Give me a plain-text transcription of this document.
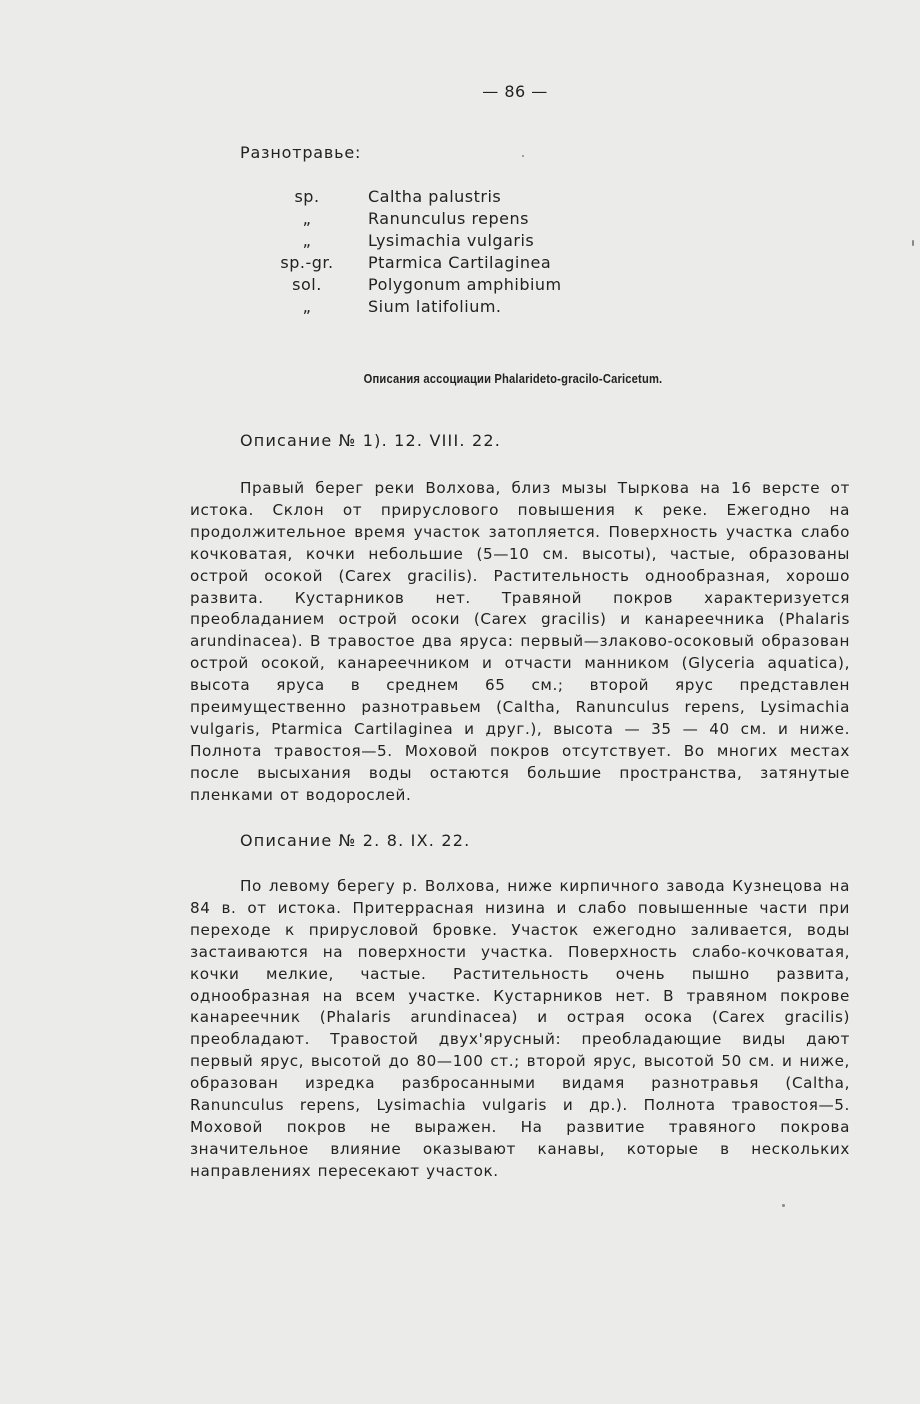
— 86 —
Разнотравье:
sp.	Caltha palustris
„	Ranunculus repens
„	Lysimachia vulgaris
sp.-gr.	Ptarmica Cartilaginea
sol.	Polygonum amphibium
„	Sium latifolium.
Описания ассоциации Phalarideto-gracilo-Caricetum.
Описание № 1). 12. VIII. 22.
Правый берег реки Волхова, близ мызы Тыркова на 16 версте от истока. Склон от прируслового повышения к реке. Ежегодно на продолжительное время участок затопляется. Поверхность участка слабо кочковатая, кочки небольшие (5—10 см. высоты), частые, образованы острой осокой (Carex gracilis). Растительность однообразная, хорошо развита. Кустарников нет. Травяной покров характеризуется преобладанием острой осоки (Carex gracilis) и канареечника (Phalaris arundinacea). В травостое два яруса: первый—злаково-осоковый образован острой осокой, канареечником и отчасти манником (Glyceria aquatica), высота яруса в среднем 65 см.; второй ярус представлен преимущественно разнотравьем (Caltha, Ranunculus repens, Lysimachia vulgaris, Ptarmica Cartilaginea и друг.), высота — 35 — 40 см. и ниже. Полнота травостоя—5. Моховой покров отсутствует. Во многих местах после высыхания воды остаются большие пространства, затянутые пленками от водорослей.
Описание № 2. 8. IX. 22.
По левому берегу р. Волхова, ниже кирпичного завода Кузнецова на 84 в. от истока. Притеррасная низина и слабо повышенные части при переходе к прирусловой бровке. Участок ежегодно заливается, воды застаиваются на поверхности участка. Поверхность слабо-кочковатая, кочки мелкие, частые. Растительность очень пышно развита, однообразная на всем участке. Кустарников нет. В травяном покрове канареечник (Phalaris arundinacea) и острая осока (Carex gracilis) преобладают. Травостой двух'ярусный: преобладающие виды дают первый ярус, высотой до 80—100 ст.; второй ярус, высотой 50 см. и ниже, образован изредка разбросанными видамя разнотравья (Caltha, Ranunculus repens, Lysimachia vulgaris и др.). Полнота травостоя—5. Моховой покров не выражен. На развитие травяного покрова значительное влияние оказывают канавы, которые в нескольких направлениях пересекают участок.
